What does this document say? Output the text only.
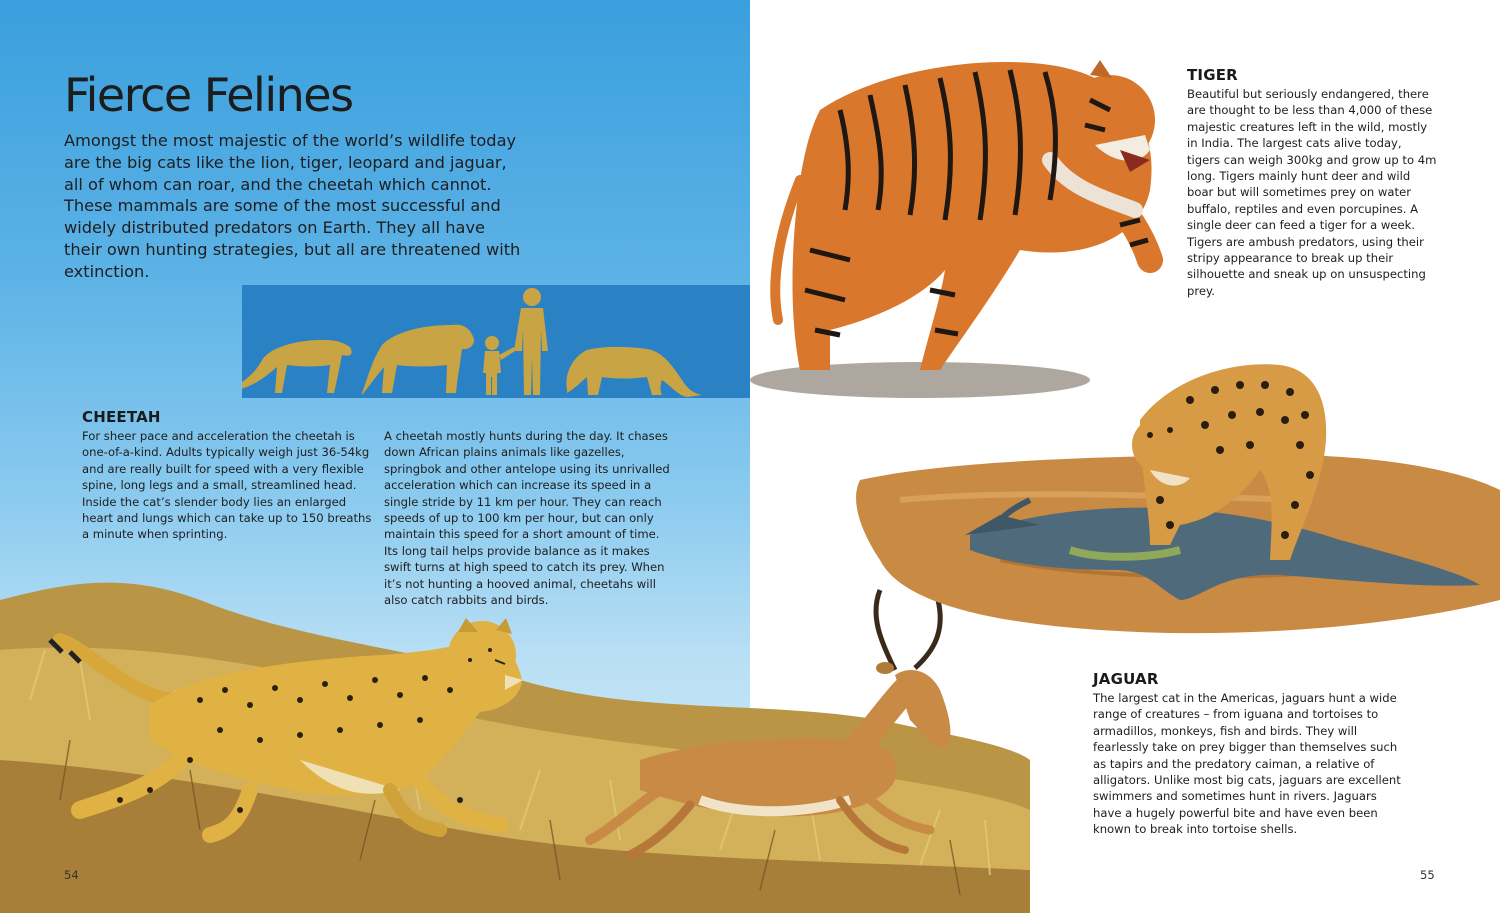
Fierce Felines
Amongst the most majestic of the world’s wildlife today are the big cats like the lion, tiger, leopard and jaguar, all of whom can roar, and the cheetah which cannot. These mammals are some of the most successful and widely distributed predators on Earth. They all have their own hunting strategies, but all are threatened with extinction.
CHEETAH
For sheer pace and acceleration the cheetah is one-of-a-kind. Adults typically weigh just 36-54kg and are really built for speed with a very flexible spine, long legs and a small, streamlined head. Inside the cat’s slender body lies an enlarged heart and lungs which can take up to 150 breaths a minute when sprinting.
A cheetah mostly hunts during the day. It chases down African plains animals like gazelles, springbok and other antelope using its unrivalled acceleration which can increase its speed in a single stride by 11 km per hour. They can reach speeds of up to 100 km per hour, but can only maintain this speed for a short amount of time. Its long tail helps provide balance as it makes swift turns at high speed to catch its prey. When it’s not hunting a hooved animal, cheetahs will also catch rabbits and birds.
TIGER
Beautiful but seriously endangered, there are thought to be less than 4,000 of these majestic creatures left in the wild, mostly in India. The largest cats alive today, tigers can weigh 300kg and grow up to 4m long. Tigers mainly hunt deer and wild boar but will sometimes prey on water buffalo, reptiles and even porcupines. A single deer can feed a tiger for a week. Tigers are ambush predators, using their stripy appearance to break up their silhouette and sneak up on unsuspecting prey.
JAGUAR
The largest cat in the Americas, jaguars hunt a wide range of creatures – from iguana and tortoises to armadillos, monkeys, fish and birds. They will fearlessly take on prey bigger than themselves such as tapirs and the predatory caiman, a relative of alligators. Unlike most big cats, jaguars are excellent swimmers and sometimes hunt in rivers. Jaguars have a hugely powerful bite and have even been known to break into tortoise shells.
54	55
